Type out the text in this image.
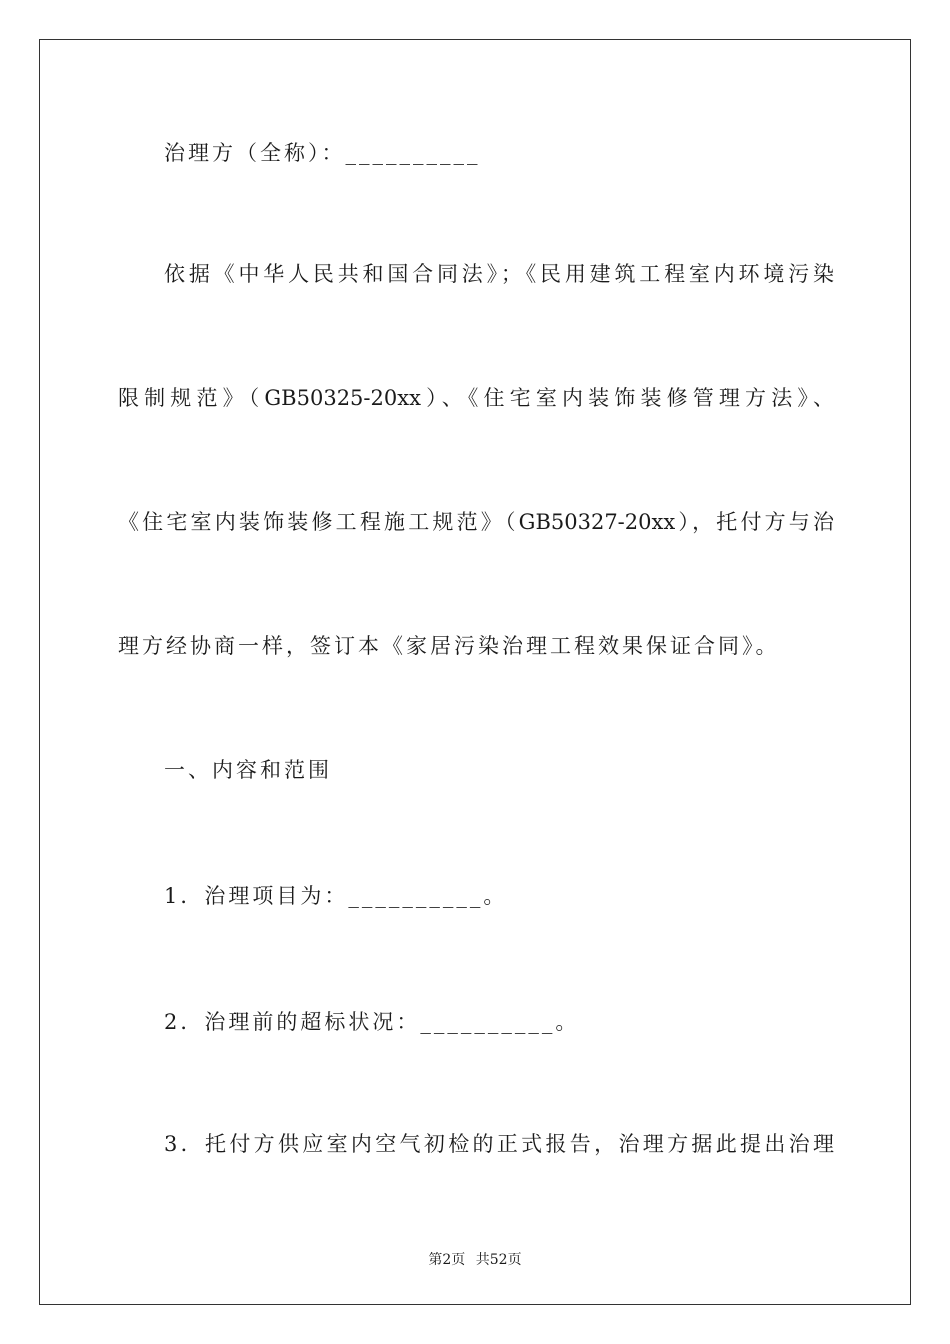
治理方（全称）：__________
依据《中华人民共和国合同法》；《民用建筑工程室内环境污染
限制规范》（GB50325-20xx）、《住宅室内装饰装修管理方法》、
《住宅室内装饰装修工程施工规范》（GB50327-20xx），托付方与治
理方经协商一样，签订本《家居污染治理工程效果保证合同》。
一、内容和范围
1．治理项目为：__________。
2．治理前的超标状况：__________。
3．托付方供应室内空气初检的正式报告，治理方据此提出治理
第2页 共52页
